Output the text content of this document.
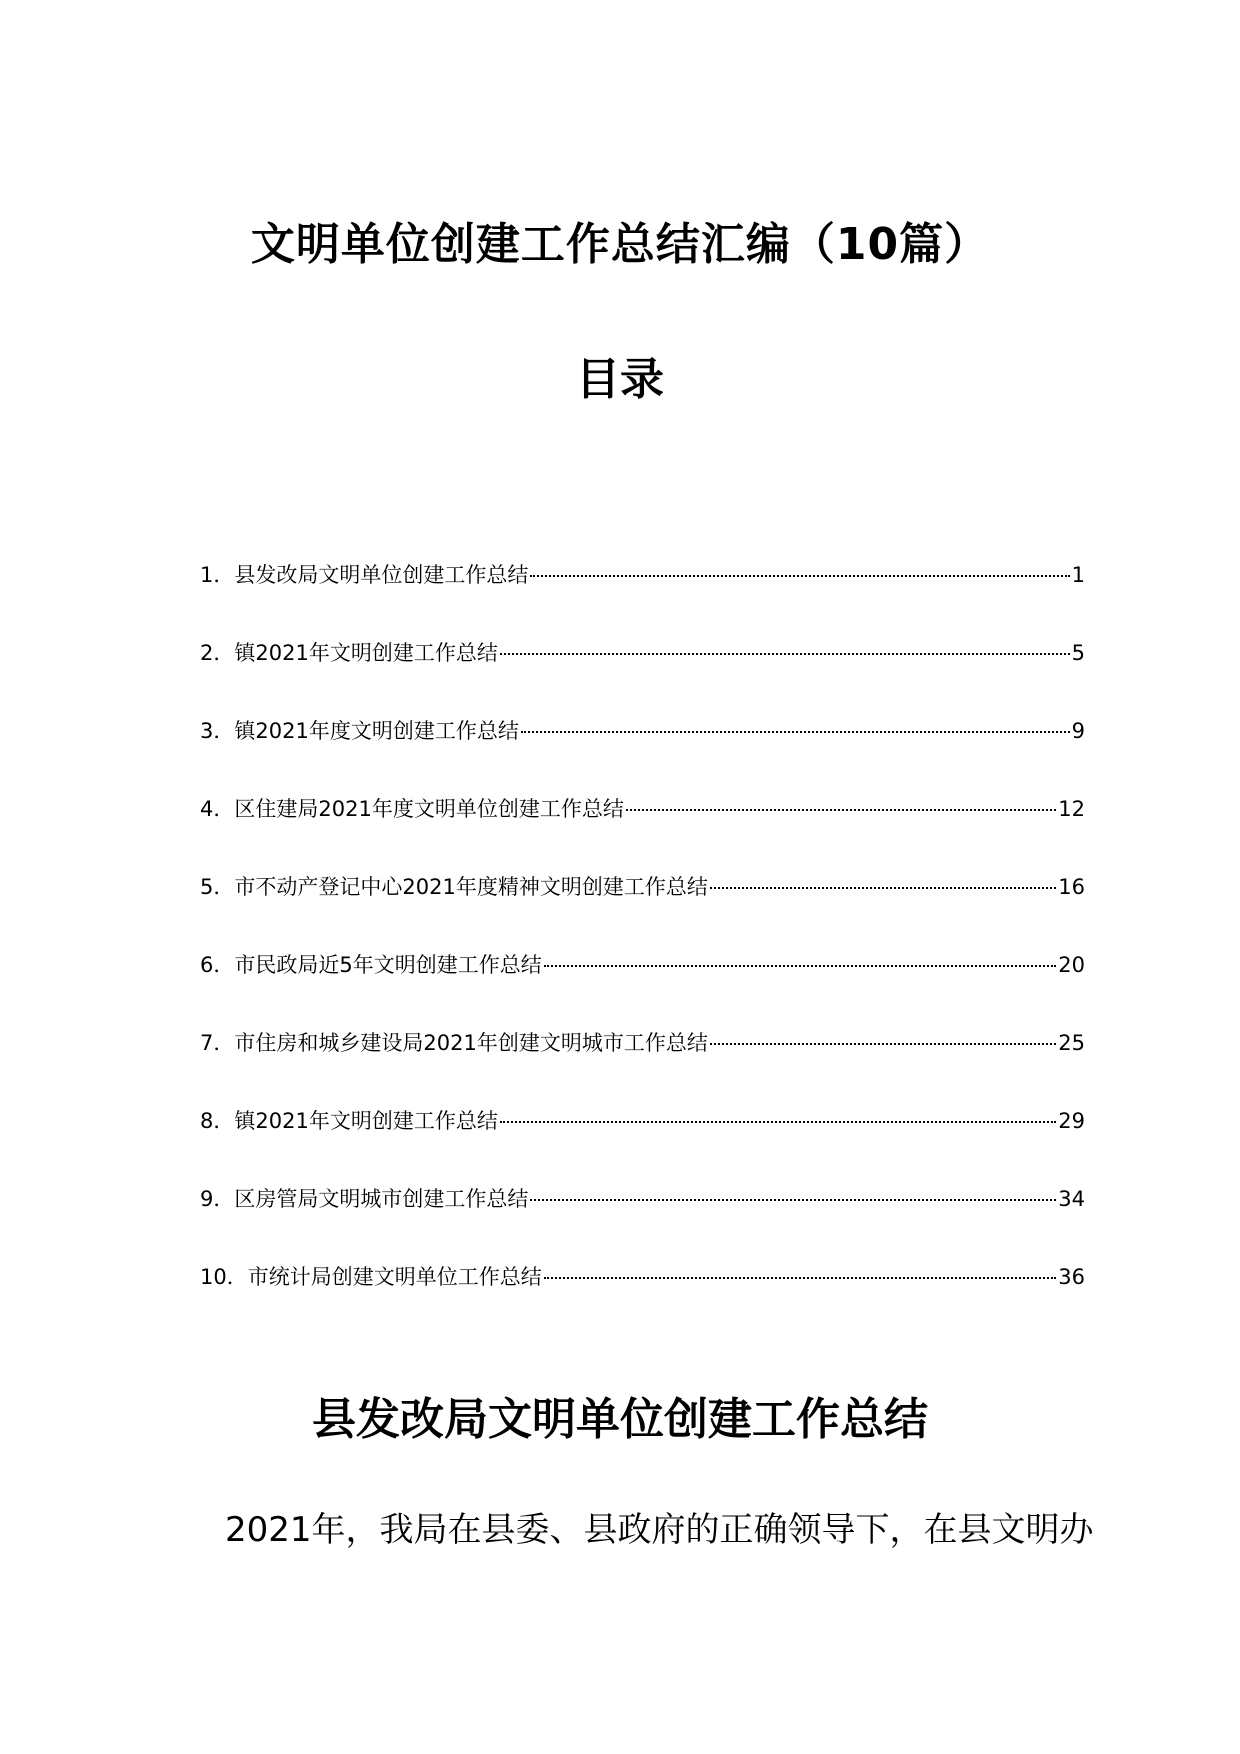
文明单位创建工作总结汇编（10篇）
目录
1 ． 县发改局文明单位创建工作总结	1
2 ． 镇2021年文明创建工作总结	5
3 ． 镇2021年度文明创建工作总结	9
4 ． 区住建局2021年度文明单位创建工作总结	12
5 ． 市不动产登记中心2021年度精神文明创建工作总结	16
6 ． 市民政局近5年文明创建工作总结	20
7 ． 市住房和城乡建设局2021年创建文明城市工作总结	25
8 ． 镇2021年文明创建工作总结	29
9 ． 区房管局文明城市创建工作总结	34
10 ． 市统计局创建文明单位工作总结	36
县发改局文明单位创建工作总结
2021年，我局在县委、县政府的正确领导下，在县文明办
